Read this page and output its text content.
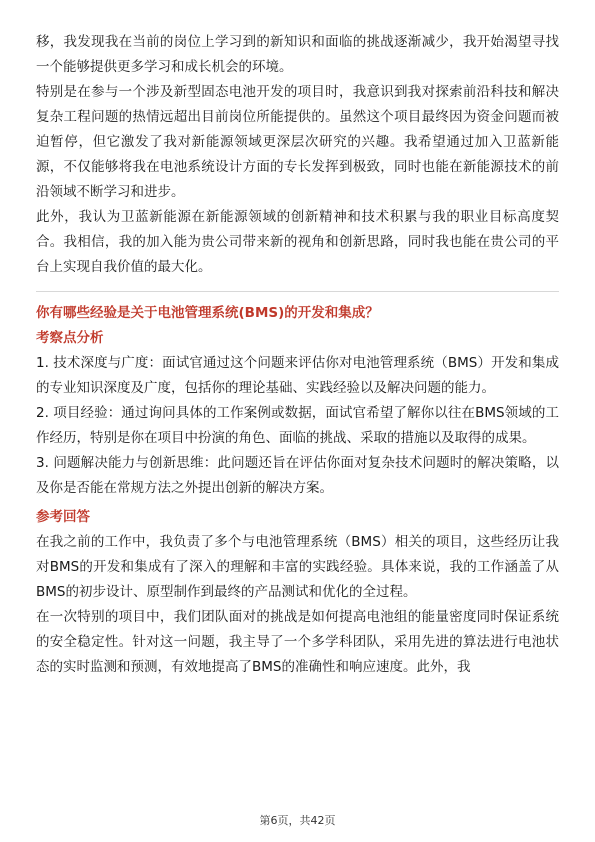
移，我发现我在当前的岗位上学习到的新知识和面临的挑战逐渐减少，我开始渴望寻找一个能够提供更多学习和成长机会的环境。

特别是在参与一个涉及新型固态电池开发的项目时，我意识到我对探索前沿科技和解决复杂工程问题的热情远超出目前岗位所能提供的。虽然这个项目最终因为资金问题而被迫暂停，但它激发了我对新能源领域更深层次研究的兴趣。我希望通过加入卫蓝新能源，不仅能够将我在电池系统设计方面的专长发挥到极致，同时也能在新能源技术的前沿领域不断学习和进步。

此外，我认为卫蓝新能源在新能源领域的创新精神和技术积累与我的职业目标高度契合。我相信，我的加入能为贵公司带来新的视角和创新思路，同时我也能在贵公司的平台上实现自我价值的最大化。

你有哪些经验是关于电池管理系统(BMS)的开发和集成？

考察点分析

1. 技术深度与广度：面试官通过这个问题来评估你对电池管理系统（BMS）开发和集成的专业知识深度及广度，包括你的理论基础、实践经验以及解决问题的能力。

2. 项目经验：通过询问具体的工作案例或数据，面试官希望了解你以往在BMS领域的工作经历，特别是你在项目中扮演的角色、面临的挑战、采取的措施以及取得的成果。

3. 问题解决能力与创新思维：此问题还旨在评估你面对复杂技术问题时的解决策略，以及你是否能在常规方法之外提出创新的解决方案。

参考回答

在我之前的工作中，我负责了多个与电池管理系统（BMS）相关的项目，这些经历让我对BMS的开发和集成有了深入的理解和丰富的实践经验。具体来说，我的工作涵盖了从BMS的初步设计、原型制作到最终的产品测试和优化的全过程。

在一次特别的项目中，我们团队面对的挑战是如何提高电池组的能量密度同时保证系统的安全稳定性。针对这一问题，我主导了一个多学科团队，采用先进的算法进行电池状态的实时监测和预测，有效地提高了BMS的准确性和响应速度。此外，我

第6页，共42页
